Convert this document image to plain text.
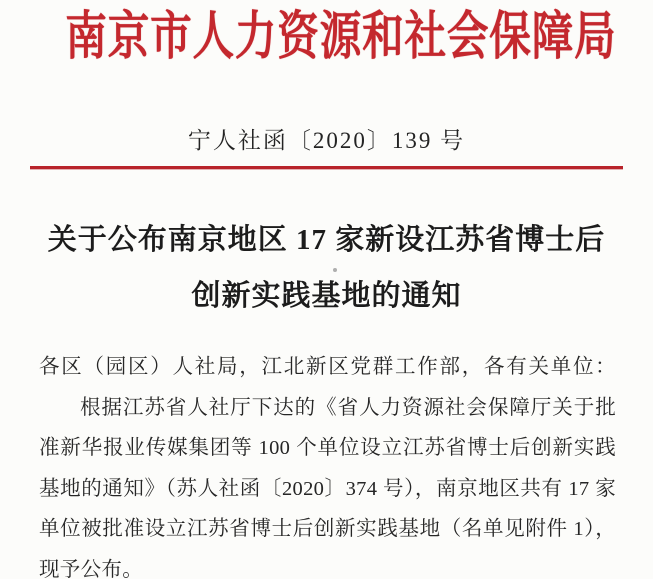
南京市人力资源和社会保障局
宁人社函〔2020〕139 号
关于公布南京地区 17 家新设江苏省博士后
创新实践基地的通知
各区（园区）人社局，江北新区党群工作部，各有关单位：
根据江苏省人社厅下达的《省人力资源社会保障厅关于批
准新华报业传媒集团等 100 个单位设立江苏省博士后创新实践
基地的通知》（苏人社函〔2020〕374 号），南京地区共有 17 家
单位被批准设立江苏省博士后创新实践基地（名单见附件 1），
现予公布。
